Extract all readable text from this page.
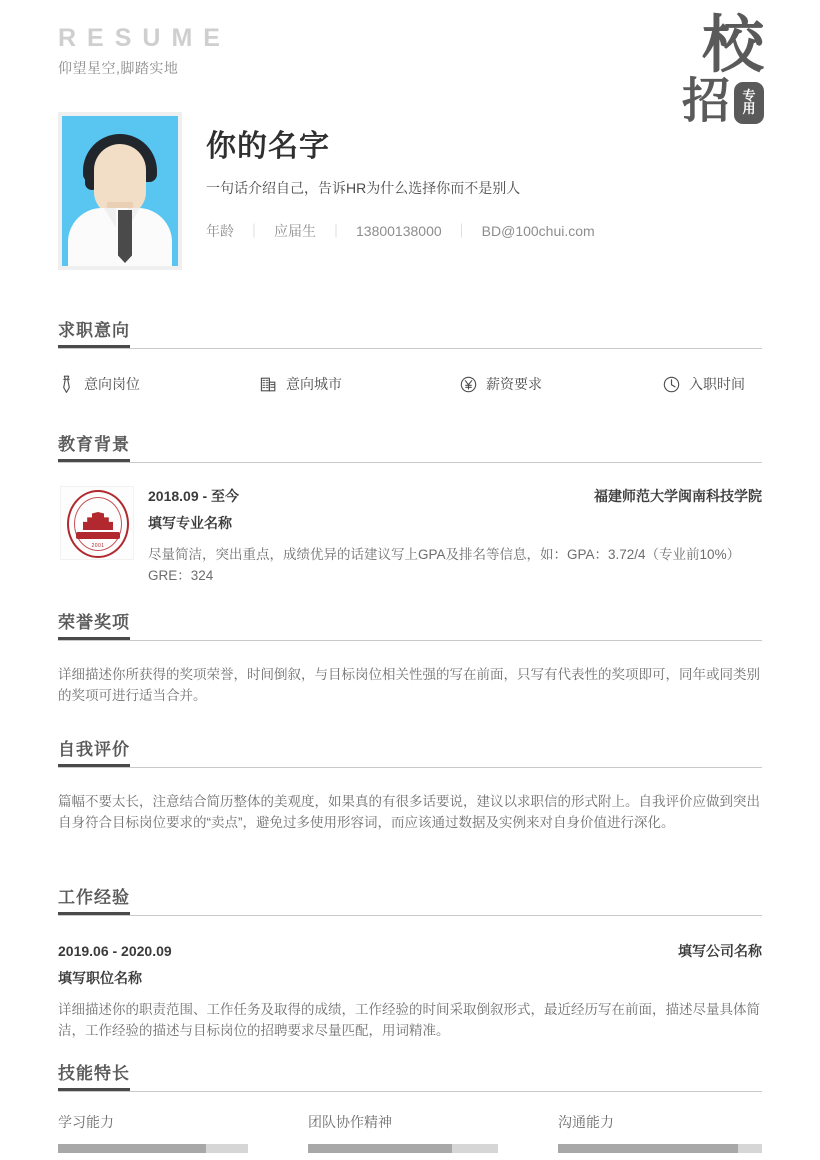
RESUME
仰望星空,脚踏实地	校
招 专
用
你的名字
一句话介绍自己，告诉HR为什么选择你而不是别人
年龄 ｜ 应届生 ｜ 13800138000 ｜ BD@100chui.com
求职意向
意向岗位	意向城市	薪资要求	入职时间
教育背景
2001
2018.09 - 至今	福建师范大学闽南科技学院
填写专业名称
尽量简洁，突出重点，成绩优异的话建议写上GPA及排名等信息，如：GPA：3.72/4（专业前10%）GRE：324
荣誉奖项
详细描述你所获得的奖项荣誉，时间倒叙，与目标岗位相关性强的写在前面，只写有代表性的奖项即可，同年或同类别的奖项可进行适当合并。
自我评价
篇幅不要太长，注意结合简历整体的美观度，如果真的有很多话要说，建议以求职信的形式附上。自我评价应做到突出自身符合目标岗位要求的“卖点”，避免过多使用形容词，而应该通过数据及实例来对自身价值进行深化。
工作经验
2019.06 - 2020.09	填写公司名称
填写职位名称
详细描述你的职责范围、工作任务及取得的成绩，工作经验的时间采取倒叙形式，最近经历写在前面，描述尽量具体简洁，工作经验的描述与目标岗位的招聘要求尽量匹配，用词精准。
技能特长
学习能力	团队协作精神	沟通能力
